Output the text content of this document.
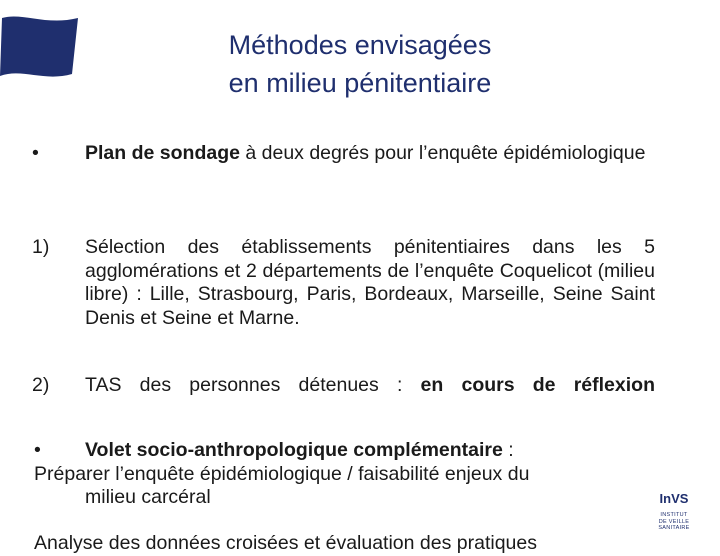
Méthodes envisagées
en milieu pénitentiaire
• Plan de sondage à deux degrés pour l’enquête épidémiologique
1) Sélection des établissements pénitentiaires dans les 5 agglomérations et 2 départements de l’enquête Coquelicot (milieu libre) : Lille, Strasbourg, Paris, Bordeaux, Marseille, Seine Saint Denis et Seine et Marne.
2) TAS des personnes détenues : en cours de réflexion
• Volet socio-anthropologique complémentaire :
Préparer l’enquête épidémiologique / faisabilité enjeux du
milieu carcéral
Analyse des données croisées et évaluation des pratiques
InVS
INSTITUT
DE VEILLE SANITAIRE
